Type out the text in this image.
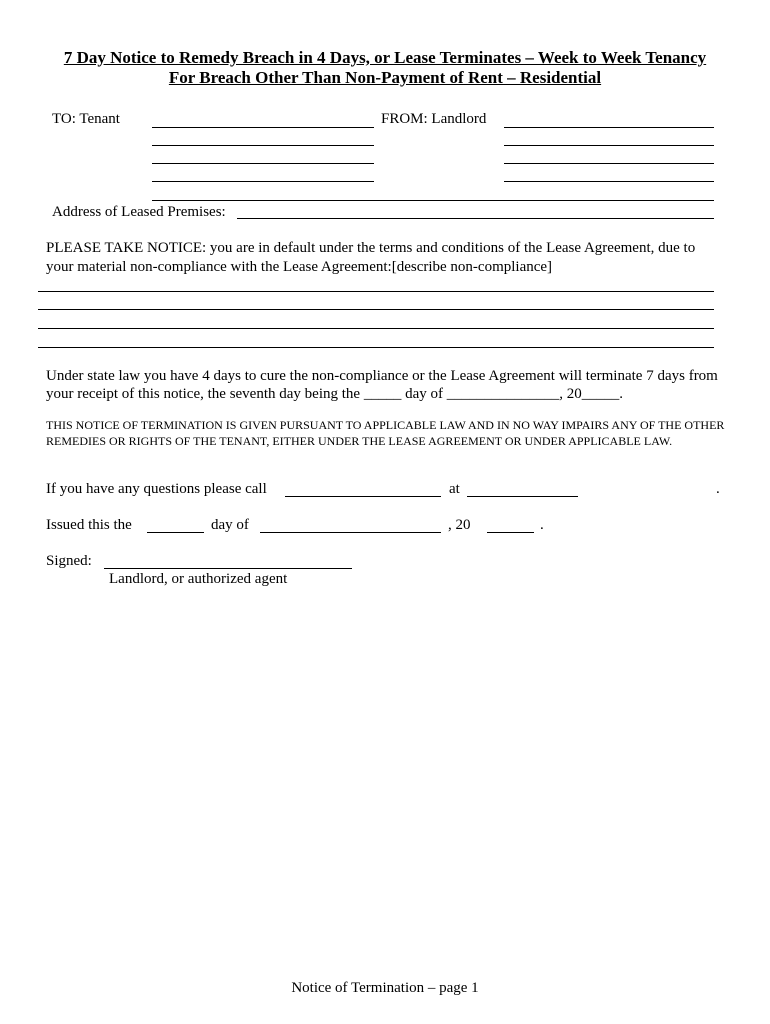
7 Day Notice to Remedy Breach in 4 Days, or Lease Terminates – Week to Week Tenancy
For Breach Other Than Non-Payment of Rent – Residential
TO: Tenant	FROM: Landlord
Address of Leased Premises:
PLEASE TAKE NOTICE: you are in default under the terms and conditions of the Lease Agreement, due to your material non-compliance with the Lease Agreement:[describe non-compliance]
Under state law you have 4 days to cure the non-compliance or the Lease Agreement will terminate 7 days from
your receipt of this notice, the seventh day being the _____ day of _______________, 20_____.
THIS NOTICE OF TERMINATION IS GIVEN PURSUANT TO APPLICABLE LAW AND IN NO WAY IMPAIRS ANY OF THE OTHER REMEDIES OR RIGHTS OF THE TENANT, EITHER UNDER THE LEASE AGREEMENT OR UNDER APPLICABLE LAW.
If you have any questions please call	at	.
Issued this the	day of	, 20	.
Signed:
Landlord, or authorized agent
Notice of Termination – page 1
